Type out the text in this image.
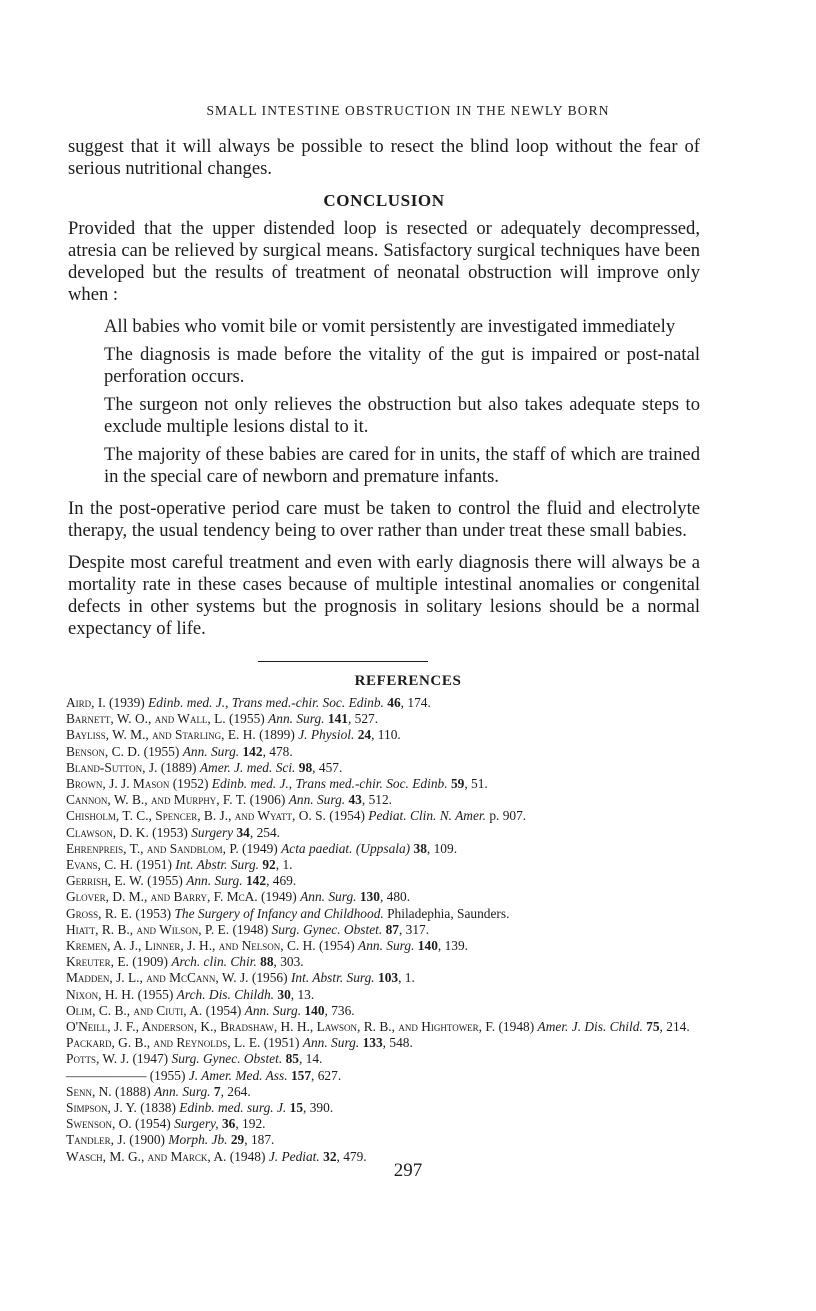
SMALL INTESTINE OBSTRUCTION IN THE NEWLY BORN

suggest that it will always be possible to resect the blind loop without the fear of serious nutritional changes.

CONCLUSION

Provided that the upper distended loop is resected or adequately decompressed, atresia can be relieved by surgical means. Satisfactory surgical techniques have been developed but the results of treatment of neonatal obstruction will improve only when :

All babies who vomit bile or vomit persistently are investigated immediately

The diagnosis is made before the vitality of the gut is impaired or post-natal perforation occurs.

The surgeon not only relieves the obstruction but also takes adequate steps to exclude multiple lesions distal to it.

The majority of these babies are cared for in units, the staff of which are trained in the special care of newborn and premature infants.

In the post-operative period care must be taken to control the fluid and electrolyte therapy, the usual tendency being to over rather than under treat these small babies.

Despite most careful treatment and even with early diagnosis there will always be a mortality rate in these cases because of multiple intestinal anomalies or congenital defects in other systems but the prognosis in solitary lesions should be a normal expectancy of life.

REFERENCES
Aird, I. (1939) Edinb. med. J., Trans med.-chir. Soc. Edinb. 46, 174.
Barnett, W. O., and Wall, L. (1955) Ann. Surg. 141, 527.
Bayliss, W. M., and Starling, E. H. (1899) J. Physiol. 24, 110.
Benson, C. D. (1955) Ann. Surg. 142, 478.
Bland-Sutton, J. (1889) Amer. J. med. Sci. 98, 457.
Brown, J. J. Mason (1952) Edinb. med. J., Trans med.-chir. Soc. Edinb. 59, 51.
Cannon, W. B., and Murphy, F. T. (1906) Ann. Surg. 43, 512.
Chisholm, T. C., Spencer, B. J., and Wyatt, O. S. (1954) Pediat. Clin. N. Amer. p. 907.
Clawson, D. K. (1953) Surgery 34, 254.
Ehrenpreis, T., and Sandblom, P. (1949) Acta paediat. (Uppsala) 38, 109.
Evans, C. H. (1951) Int. Abstr. Surg. 92, 1.
Gerrish, E. W. (1955) Ann. Surg. 142, 469.
Glover, D. M., and Barry, F. McA. (1949) Ann. Surg. 130, 480.
Gross, R. E. (1953) The Surgery of Infancy and Childhood. Philadephia, Saunders.
Hiatt, R. B., and Wilson, P. E. (1948) Surg. Gynec. Obstet. 87, 317.
Kremen, A. J., Linner, J. H., and Nelson, C. H. (1954) Ann. Surg. 140, 139.
Kreuter, E. (1909) Arch. clin. Chir. 88, 303.
Madden, J. L., and McCann, W. J. (1956) Int. Abstr. Surg. 103, 1.
Nixon, H. H. (1955) Arch. Dis. Childh. 30, 13.
Olim, C. B., and Ciuti, A. (1954) Ann. Surg. 140, 736.
O'Neill, J. F., Anderson, K., Bradshaw, H. H., Lawson, R. B., and Hightower, F. (1948) Amer. J. Dis. Child. 75, 214.
Packard, G. B., and Reynolds, L. E. (1951) Ann. Surg. 133, 548.
Potts, W. J. (1947) Surg. Gynec. Obstet. 85, 14.
—————— (1955) J. Amer. Med. Ass. 157, 627.
Senn, N. (1888) Ann. Surg. 7, 264.
Simpson, J. Y. (1838) Edinb. med. surg. J. 15, 390.
Swenson, O. (1954) Surgery, 36, 192.
Tandler, J. (1900) Morph. Jb. 29, 187.
Wasch, M. G., and Marck, A. (1948) J. Pediat. 32, 479.
297
